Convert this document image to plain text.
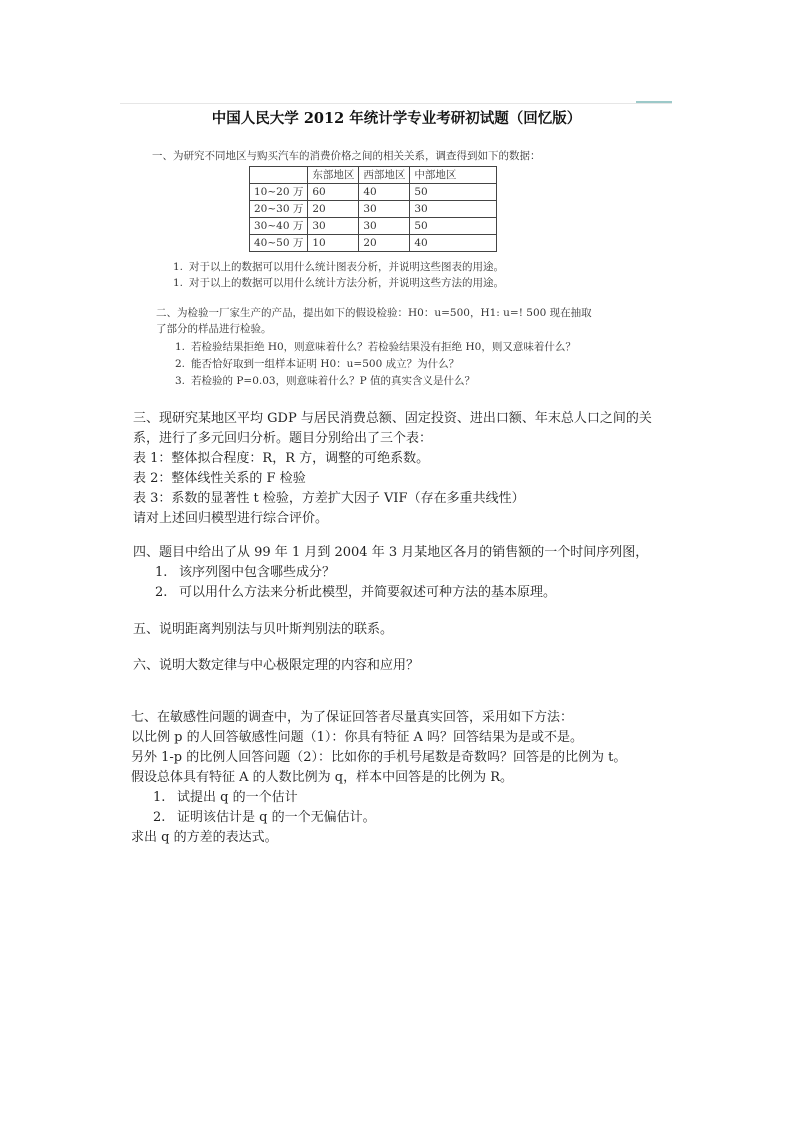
中国人民大学 2012 年统计学专业考研初试题（回忆版）
一、为研究不同地区与购买汽车的消费价格之间的相关关系，调查得到如下的数据：
	东部地区	西部地区	中部地区
10~20 万	60	40	50
20~30 万	20	30	30
30~40 万	30	30	50
40~50 万	10	20	40
1. 对于以上的数据可以用什么统计图表分析，并说明这些图表的用途。
1. 对于以上的数据可以用什么统计方法分析，并说明这些方法的用途。
二、为检验一厂家生产的产品，提出如下的假设检验：H0：u=500，H1: u=! 500 现在抽取
了部分的样品进行检验。
1. 若检验结果拒绝 H0，则意味着什么？若检验结果没有拒绝 H0，则又意味着什么？
2. 能否恰好取到一组样本证明 H0：u=500 成立？为什么？
3. 若检验的 P=0.03，则意味着什么？P 值的真实含义是什么？
三、现研究某地区平均 GDP 与居民消费总额、固定投资、进出口额、年末总人口之间的关
系，进行了多元回归分析。题目分别给出了三个表：
表 1：整体拟合程度：R，R 方，调整的可绝系数。
表 2：整体线性关系的 F 检验
表 3：系数的显著性 t 检验，方差扩大因子 VIF（存在多重共线性）
请对上述回归模型进行综合评价。
四、题目中给出了从 99 年 1 月到 2004 年 3 月某地区各月的销售额的一个时间序列图，
1. 该序列图中包含哪些成分？
2. 可以用什么方法来分析此模型，并简要叙述可种方法的基本原理。
五、说明距离判别法与贝叶斯判别法的联系。
六、说明大数定律与中心极限定理的内容和应用？
七、在敏感性问题的调查中，为了保证回答者尽量真实回答，采用如下方法：
以比例 p 的人回答敏感性问题（1）：你具有特征 A 吗？回答结果为是或不是。
另外 1-p 的比例人回答问题（2）：比如你的手机号尾数是奇数吗？回答是的比例为 t。
假设总体具有特征 A 的人数比例为 q，样本中回答是的比例为 R。
1. 试提出 q 的一个估计
2. 证明该估计是 q 的一个无偏估计。
求出 q 的方差的表达式。
